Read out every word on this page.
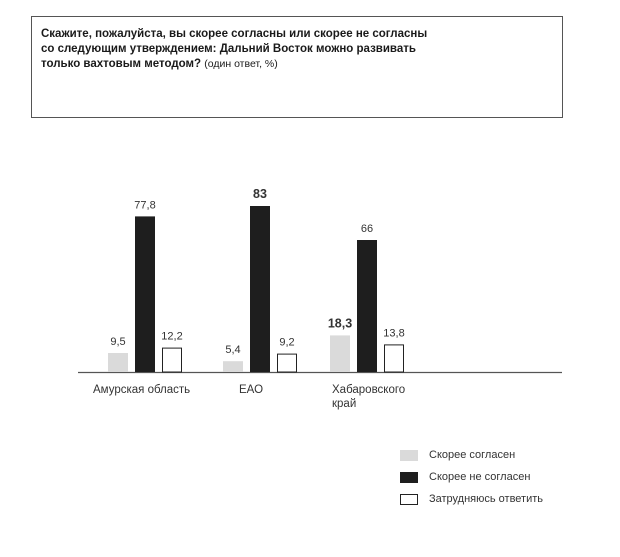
Скажите, пожалуйста, вы скорее согласны или скорее не согласны со следующим утверждением: Дальний Восток можно развивать только вахтовым методом? (один ответ, %)
9,5
77,8
12,2
Амурская область
5,4
83
9,2
ЕАО
18,3
66
13,8
Хабаровского
край
Скорее согласен
Скорее не согласен
Затрудняюсь ответить
